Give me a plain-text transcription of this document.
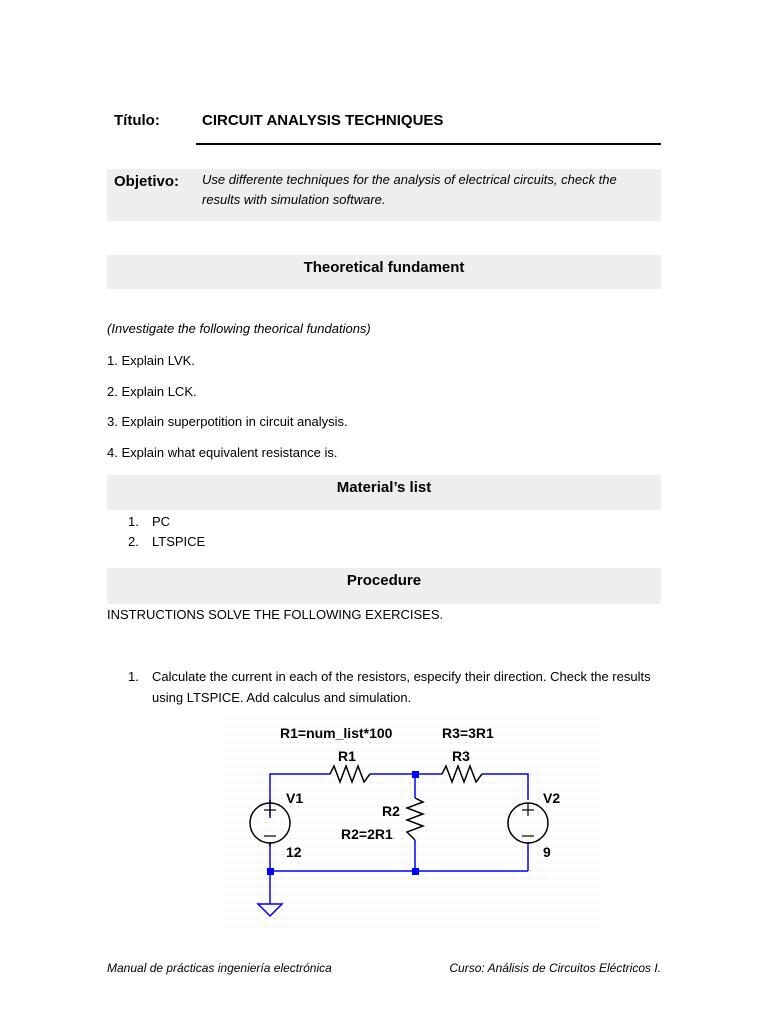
Título:	CIRCUIT ANALYSIS TECHNIQUES
Objetivo: Use differente techniques for the analysis of electrical circuits, check the results with simulation software.
Theoretical fundament
(Investigate the following theorical fundations)
1. Explain LVK.
2. Explain LCK.
3. Explain superpotition in circuit analysis.
4. Explain what equivalent resistance is.
Material’s list
1. PC
2. LTSPICE
Procedure
INSTRUCTIONS SOLVE THE FOLLOWING EXERCISES.
1. Calculate the current in each of the resistors, especify their direction. Check the results using LTSPICE. Add calculus and simulation.
R1=num_list*100	R3=3R1
R1	R3
R2
R2=2R1
V1
12
V2
9
Manual de prácticas ingeniería electrónica	Curso: Análisis de Circuitos Eléctricos I.
